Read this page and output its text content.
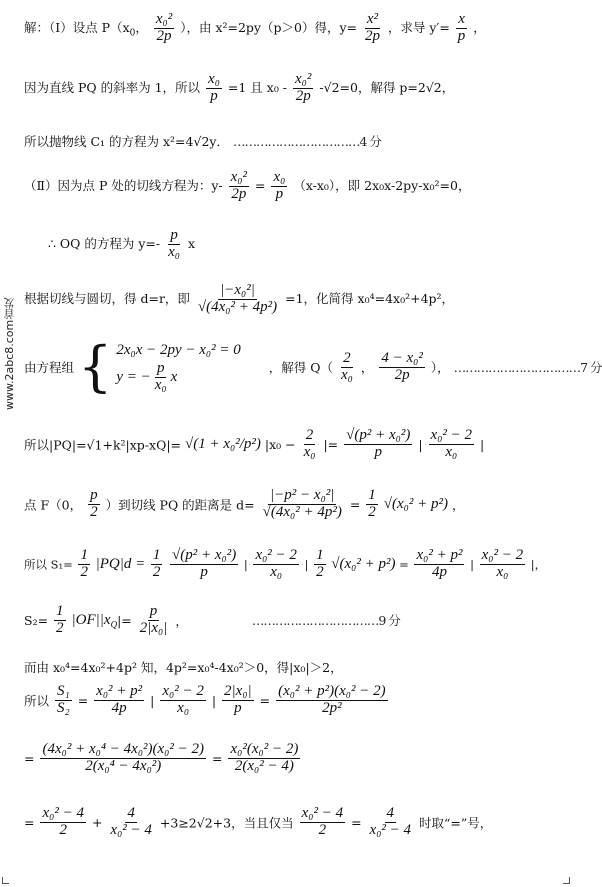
www.2abc8.com首发
解：（Ⅰ）设点 $P(x_0$， $\frac{\text{x₀²}}{2p}$ ），由 x²=2py（p＞0）得，$y= \frac{\text{x²}}{2p}$ ，求导 $y'= \frac{x}{p}$ ，
因为直线 PQ 的斜率为 1，所以 $\frac{\text{x₀}}{p} =1$ 且 $x_0 - \frac{\text{x₀²}}{2p} -√2=0$，解得 p=2√2，
所以抛物线 C₁ 的方程为 x²=4√2y． ……………………………4 分
（Ⅱ）因为点 P 处的切线方程为：$y- \frac{\text{x₀²}}{2p} = \frac{\text{x₀}}{p} (x-x_0)$，即 2x₀x-2py-x₀²=0，
∴ OQ 的方程为 $y=- \frac{p}{\text{x₀}}$ x
根据切线与圆切，得 d=r，即 $\frac{\text{|−x₀²|}}{\text{√(4x₀² + 4p²)}} =1$，化简得 x₀⁴=4x₀²+4p²，
由方程组 { 2x₀x − 2py − x₀² = 0
y = − $\frac{p}{\text{x₀}}$ x
，解得 $Q( \frac{2}{\text{x₀}}$ ， $\frac{\text{4 − x₀²}}{2p}$ ）， ……………………………7 分
所以|PQ|=√1+k²|xp-xQ|= √(1 + x₀²/p²) $|x_0 - \frac{2}{\text{x₀}}$ |= $\frac{\text{√(p² + x₀²)}}{p}$ | $\frac{\text{x₀² − 2}}{\text{x₀}}$ |
点 F（0， $\frac{p}{2}$ ）到切线 PQ 的距离是 $d= \frac{\text{|−p² − x₀²|}}{\text{√(4x₀² + 4p²)}} = \frac{1}{2} √(x_0^2 + p^2)$ ，
所以 $S_1= \frac{1}{2} |PQ|d = \frac{1}{2}$
$\frac{\text{√(p² + x₀²)}}{p}$ | $\frac{\text{x₀² − 2}}{\text{x₀}}$ | $\frac{1}{2} √(x_0^2 + p^2) = \frac{\text{x₀² + p²}}{4p}$ | $\frac{\text{x₀² − 2}}{\text{x₀}}$ |，
$S_2= \frac{1}{2} |OF||x_Q|= \frac{p}{\text{2|x₀|}}$ ，	……………………………9 分
而由 x₀⁴=4x₀²+4p² 知，4p²=x₀⁴-4x₀²＞0，得|x₀|＞2，
所以 $\frac{\text{S₁}}{\text{S₂}} = \frac{\text{x₀² + p²}}{4p}$ | $\frac{\text{x₀² − 2}}{\text{x₀}}$ | $\frac{\text{2|x₀|}}{p} = \frac{\text{(x₀² + p²)(x₀² − 2)}}{\text{2p²}}$
= $\frac{\text{(4x₀² + x₀⁴ − 4x₀²)(x₀² − 2)}}{\text{2(x₀⁴ − 4x₀²)}} = \frac{\text{x₀²(x₀² − 2)}}{\text{2(x₀² − 4)}}$
= $\frac{\text{x₀² − 4}}{2} + \frac{4}{\text{x₀² − 4}} +3\ge 2√2+3$，当且仅当 $\frac{\text{x₀² − 4}}{2} = \frac{4}{\text{x₀² − 4}}$ 时取“=”号，
